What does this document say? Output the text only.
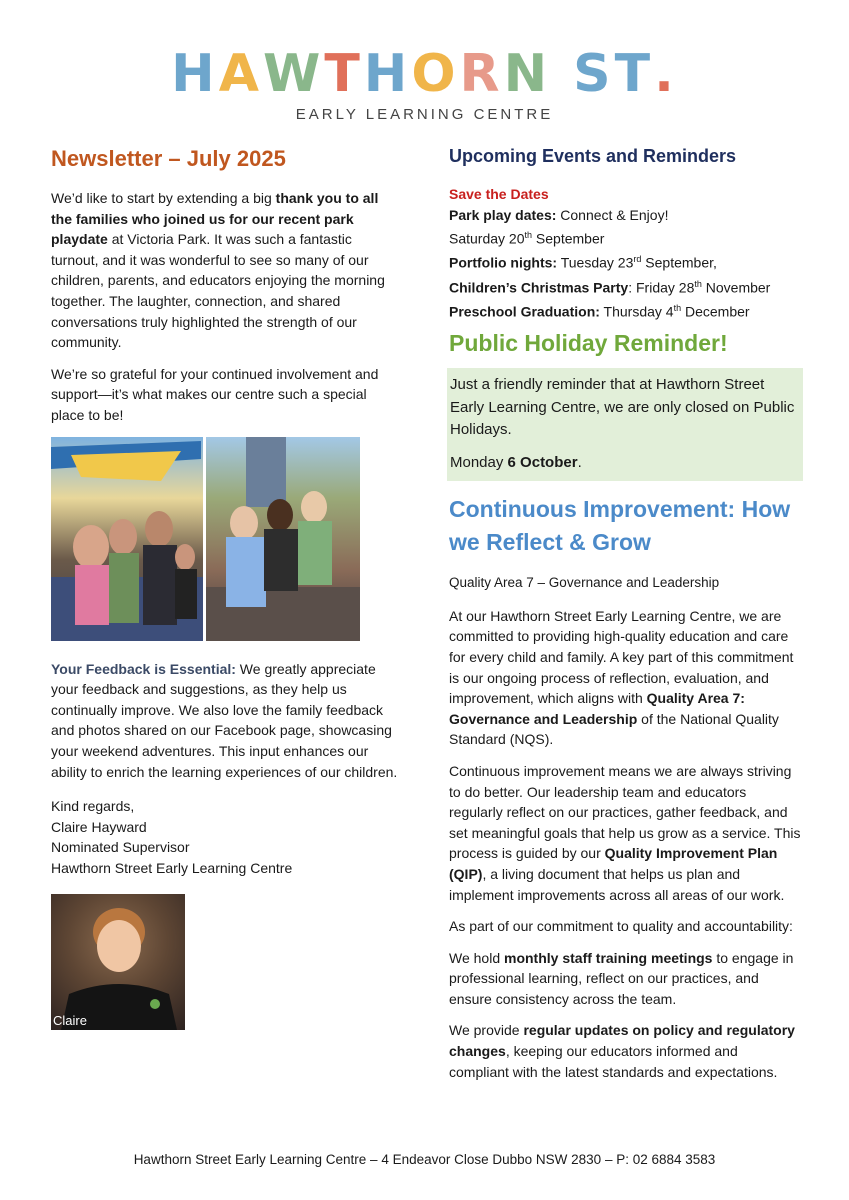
HAWTHORN ST.
EARLY LEARNING CENTRE
Newsletter – July 2025

We’d like to start by extending a big thank you to all the families who joined us for our recent park playdate at Victoria Park. It was such a fantastic turnout, and it was wonderful to see so many of our children, parents, and educators enjoying the morning together. The laughter, connection, and shared conversations truly highlighted the strength of our community.

We’re so grateful for your continued involvement and support—it’s what makes our centre such a special place to be!

Your Feedback is Essential: We greatly appreciate your feedback and suggestions, as they help us continually improve. We also love the family feedback and photos shared on our Facebook page, showcasing your weekend adventures. This input enhances our ability to enrich the learning experiences of our children.

Kind regards,
Claire Hayward
Nominated Supervisor
Hawthorn Street Early Learning Centre
Claire
Upcoming Events and Reminders
Save the Dates
Park play dates: Connect & Enjoy!
Saturday 20th September
Portfolio nights: Tuesday 23rd September,
Children’s Christmas Party: Friday 28th November
Preschool Graduation: Thursday 4th December
Public Holiday Reminder!

Just a friendly reminder that at Hawthorn Street Early Learning Centre, we are only closed on Public Holidays.

Monday 6 October.

Continuous Improvement: How we Reflect & Grow

Quality Area 7 – Governance and Leadership

At our Hawthorn Street Early Learning Centre, we are committed to providing high-quality education and care for every child and family. A key part of this commitment is our ongoing process of reflection, evaluation, and improvement, which aligns with Quality Area 7: Governance and Leadership of the National Quality Standard (NQS).

Continuous improvement means we are always striving to do better. Our leadership team and educators regularly reflect on our practices, gather feedback, and set meaningful goals that help us grow as a service. This process is guided by our Quality Improvement Plan (QIP), a living document that helps us plan and implement improvements across all areas of our work.

As part of our commitment to quality and accountability:

We hold monthly staff training meetings to engage in professional learning, reflect on our practices, and ensure consistency across the team.

We provide regular updates on policy and regulatory changes, keeping our educators informed and compliant with the latest standards and expectations.

Hawthorn Street Early Learning Centre – 4 Endeavor Close Dubbo NSW 2830 – P: 02 6884 3583
